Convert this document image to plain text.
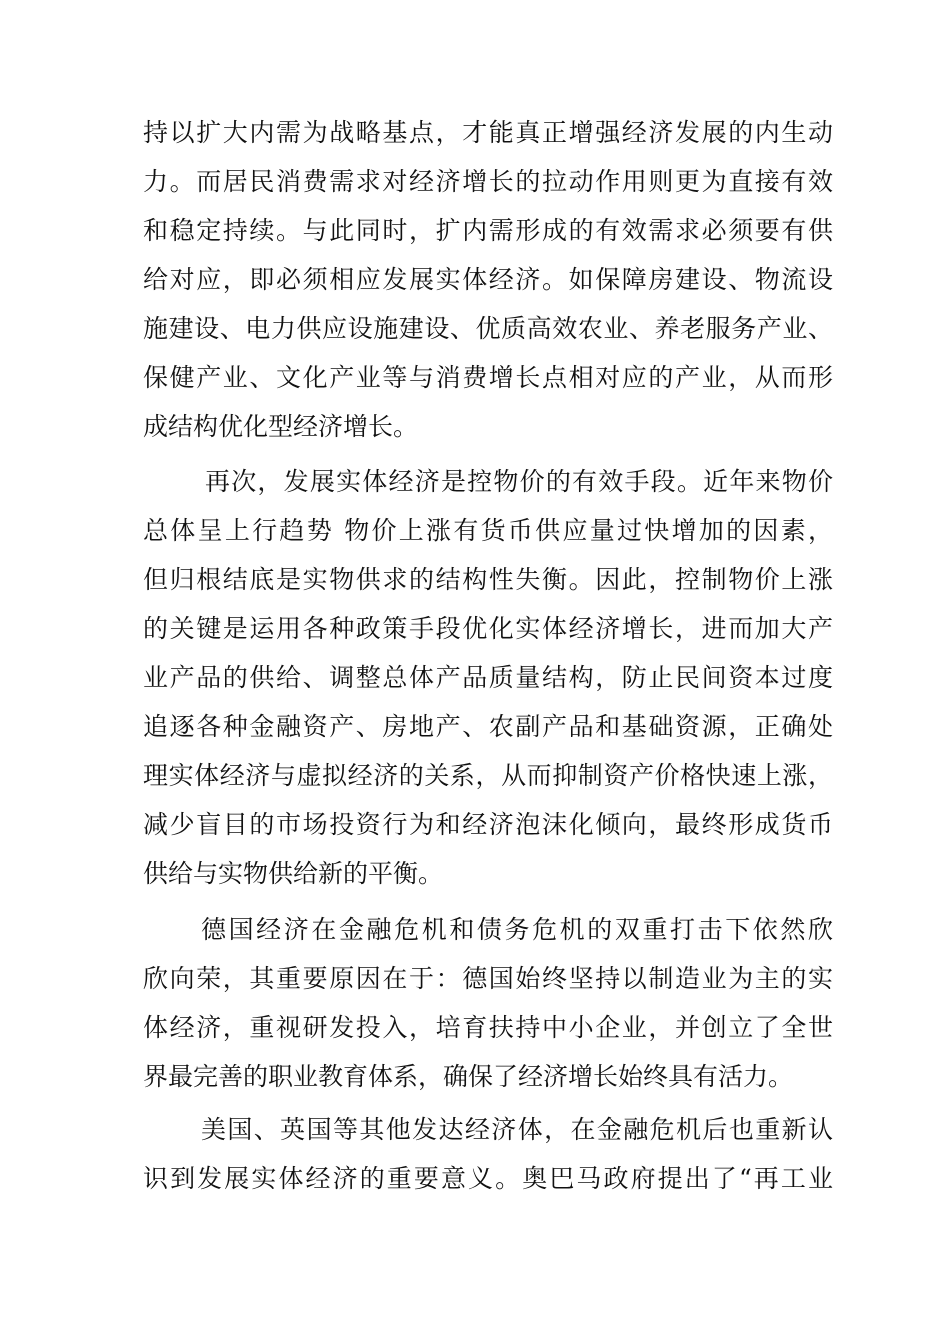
持以扩大内需为战略基点，才能真正增强经济发展的内生动
力。而居民消费需求对经济增长的拉动作用则更为直接有效
和稳定持续。与此同时，扩内需形成的有效需求必须要有供
给对应，即必须相应发展实体经济。如保障房建设、物流设
施建设、电力供应设施建设、优质高效农业、养老服务产业、
保健产业、文化产业等与消费增长点相对应的产业，从而形
成结构优化型经济增长。
再次，发展实体经济是控物价的有效手段。近年来物价
总体呈上行趋势 物价上涨有货币供应量过快增加的因素，
但归根结底是实物供求的结构性失衡。因此，控制物价上涨
的关键是运用各种政策手段优化实体经济增长，进而加大产
业产品的供给、调整总体产品质量结构，防止民间资本过度
追逐各种金融资产、房地产、农副产品和基础资源，正确处
理实体经济与虚拟经济的关系，从而抑制资产价格快速上涨，
减少盲目的市场投资行为和经济泡沫化倾向，最终形成货币
供给与实物供给新的平衡。
德国经济在金融危机和债务危机的双重打击下依然欣
欣向荣，其重要原因在于：德国始终坚持以制造业为主的实
体经济，重视研发投入，培育扶持中小企业，并创立了全世
界最完善的职业教育体系，确保了经济增长始终具有活力。
美国、英国等其他发达经济体，在金融危机后也重新认
识到发展实体经济的重要意义。奥巴马政府提出了“再工业
